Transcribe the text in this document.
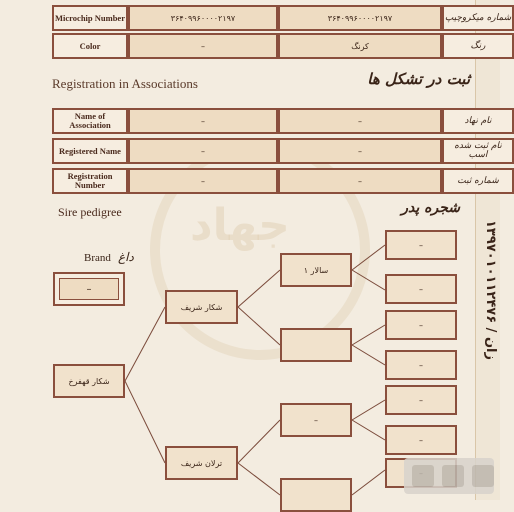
جهاد	۱۳۹۷۰۱۰۱۱۲۴۷۶ / زان
Microchip Number	۳۶۴۰۹۹۶۰۰۰۰۲۱۹۷	۳۶۴۰۹۹۶۰۰۰۰۲۱۹۷	شماره میکروچیپ
Color	–	کرنگ	رنگ
Registration in Associations	ثبت در تشکل ها
Name of Association	–	–	نام نهاد
Registered Name	–	–	نام ثبت شده اسب
Registration Number	–	–	شماره ثبت
Sire pedigree	شجره پدر
Brand داغ
–
شکار قهفرخ
شکار شریف
ترلان شریف
سالار ۱
–
–
–
–
–
–
–
